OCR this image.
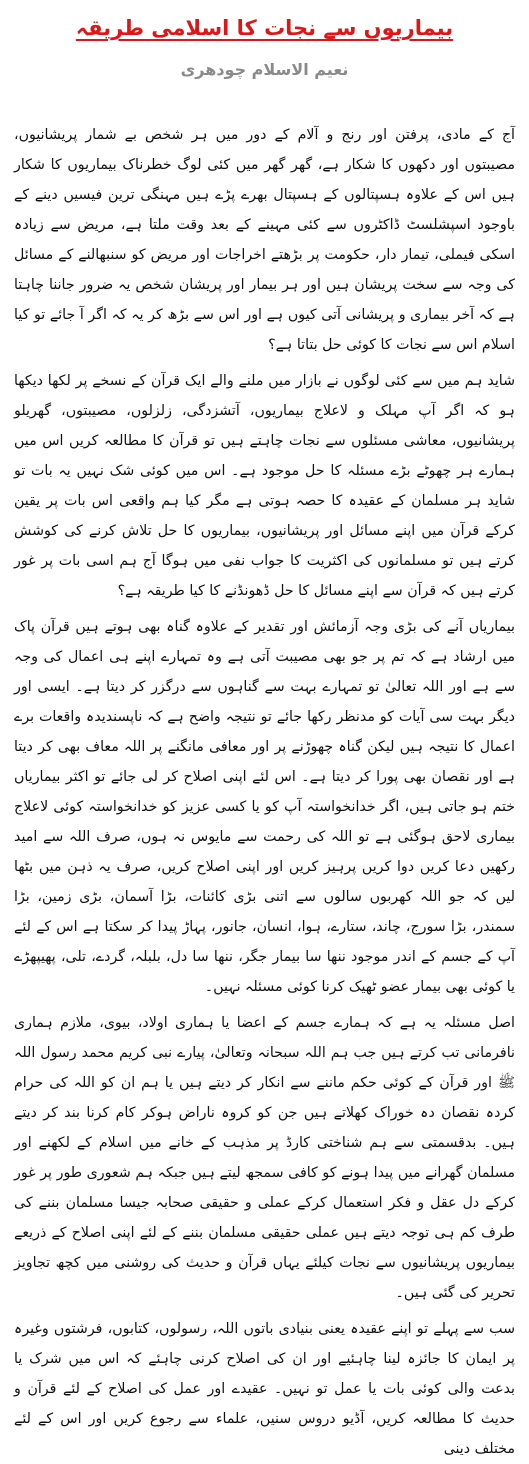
بیماریوں سے نجات کا اسلامی طریقہ
نعیم الاسلام چودھری

آج کے مادی، پرفتن اور رنج و آلام کے دور میں ہر شخص بے شمار پریشانیوں، مصیبتوں اور دکھوں کا شکار ہے، گھر گھر میں کئی لوگ خطرناک بیماریوں کا شکار ہیں اس کے علاوہ ہسپتالوں کے ہسپتال بھرے پڑے ہیں مہنگی ترین فیسیں دینے کے باوجود اسپشلسٹ ڈاکٹروں سے کئی مہینے کے بعد وقت ملتا ہے، مریض سے زیادہ اسکی فیملی، تیمار دار، حکومت پر بڑھتے اخراجات اور مریض کو سنبھالنے کے مسائل کی وجہ سے سخت پریشان ہیں اور ہر بیمار اور پریشان شخص یہ ضرور جاننا چاہتا ہے کہ آخر بیماری و پریشانی آتی کیوں ہے اور اس سے بڑھ کر یہ کہ اگر آ جائے تو کیا اسلام اس سے نجات کا کوئی حل بتاتا ہے؟

شاید ہم میں سے کئی لوگوں نے بازار میں ملنے والے ایک قرآن کے نسخے پر لکھا دیکھا ہو کہ اگر آپ مہلک و لاعلاج بیماریوں، آتشزدگی، زلزلوں، مصیبتوں، گھریلو پریشانیوں، معاشی مسئلوں سے نجات چاہتے ہیں تو قرآن کا مطالعہ کریں اس میں ہمارے ہر چھوٹے بڑے مسئلہ کا حل موجود ہے۔ اس میں کوئی شک نہیں یہ بات تو شاید ہر مسلمان کے عقیدہ کا حصہ ہوتی ہے مگر کیا ہم واقعی اس بات پر یقین کرکے قرآن میں اپنے مسائل اور پریشانیوں، بیماریوں کا حل تلاش کرنے کی کوشش کرتے ہیں تو مسلمانوں کی اکثریت کا جواب نفی میں ہوگا آج ہم اسی بات پر غور کرتے ہیں کہ قرآن سے اپنے مسائل کا حل ڈھونڈنے کا کیا طریقہ ہے؟

بیماریاں آنے کی بڑی وجہ آزمائش اور تقدیر کے علاوہ گناہ بھی ہوتے ہیں قرآن پاک میں ارشاد ہے کہ تم پر جو بھی مصیبت آتی ہے وہ تمہارے اپنے ہی اعمال کی وجہ سے ہے اور اللہ تعالیٰ تو تمہارے بہت سے گناہوں سے درگزر کر دیتا ہے۔ ایسی اور دیگر بہت سی آیات کو مدنظر رکھا جائے تو نتیجہ واضح ہے کہ ناپسندیدہ واقعات برے اعمال کا نتیجہ ہیں لیکن گناہ چھوڑنے پر اور معافی مانگنے پر اللہ معاف بھی کر دیتا ہے اور نقصان بھی پورا کر دیتا ہے۔ اس لئے اپنی اصلاح کر لی جائے تو اکثر بیماریاں ختم ہو جاتی ہیں، اگر خدانخواستہ آپ کو یا کسی عزیز کو خدانخواستہ کوئی لاعلاج بیماری لاحق ہوگئی ہے تو اللہ کی رحمت سے مایوس نہ ہوں، صرف اللہ سے امید رکھیں دعا کریں دوا کریں پرہیز کریں اور اپنی اصلاح کریں، صرف یہ ذہن میں بٹھا لیں کہ جو اللہ کھربوں سالوں سے اتنی بڑی کائنات، بڑا آسمان، بڑی زمین، بڑا سمندر، بڑا سورج، چاند، ستارے، ہوا، انسان، جانور، پہاڑ پیدا کر سکتا ہے اس کے لئے آپ کے جسم کے اندر موجود ننھا سا بیمار جگر، ننھا سا دل، بلبلہ، گردے، تلی، پھیپھڑے یا کوئی بھی بیمار عضو ٹھیک کرنا کوئی مسئلہ نہیں۔

اصل مسئلہ یہ ہے کہ ہمارے جسم کے اعضا یا ہماری اولاد، بیوی، ملازم ہماری نافرمانی تب کرتے ہیں جب ہم اللہ سبحانہ وتعالیٰ، پیارے نبی کریم محمد رسول اللہ ﷺ اور قرآن کے کوئی حکم ماننے سے انکار کر دیتے ہیں یا ہم ان کو اللہ کی حرام کردہ نقصان دہ خوراک کھلاتے ہیں جن کو کروہ ناراض ہوکر کام کرنا بند کر دیتے ہیں۔ بدقسمتی سے ہم شناختی کارڈ پر مذہب کے خانے میں اسلام کے لکھنے اور مسلمان گھرانے میں پیدا ہونے کو کافی سمجھ لیتے ہیں جبکہ ہم شعوری طور پر غور کرکے دل عقل و فکر استعمال کرکے عملی و حقیقی صحابہ جیسا مسلمان بننے کی طرف کم ہی توجہ دیتے ہیں عملی حقیقی مسلمان بننے کے لئے اپنی اصلاح کے ذریعے بیماریوں پریشانیوں سے نجات کیلئے یہاں قرآن و حدیث کی روشنی میں کچھ تجاویز تحریر کی گئی ہیں۔

سب سے پہلے تو اپنے عقیدہ یعنی بنیادی باتوں اللہ، رسولوں، کتابوں، فرشتوں وغیرہ پر ایمان کا جائزہ لینا چاہئیے اور ان کی اصلاح کرنی چاہئے کہ اس میں شرک یا بدعت والی کوئی بات یا عمل تو نہیں۔ عقیدے اور عمل کی اصلاح کے لئے قرآن و حدیث کا مطالعہ کریں، آڈیو دروس سنیں، علماء سے رجوع کریں اور اس کے لئے مختلف دینی
